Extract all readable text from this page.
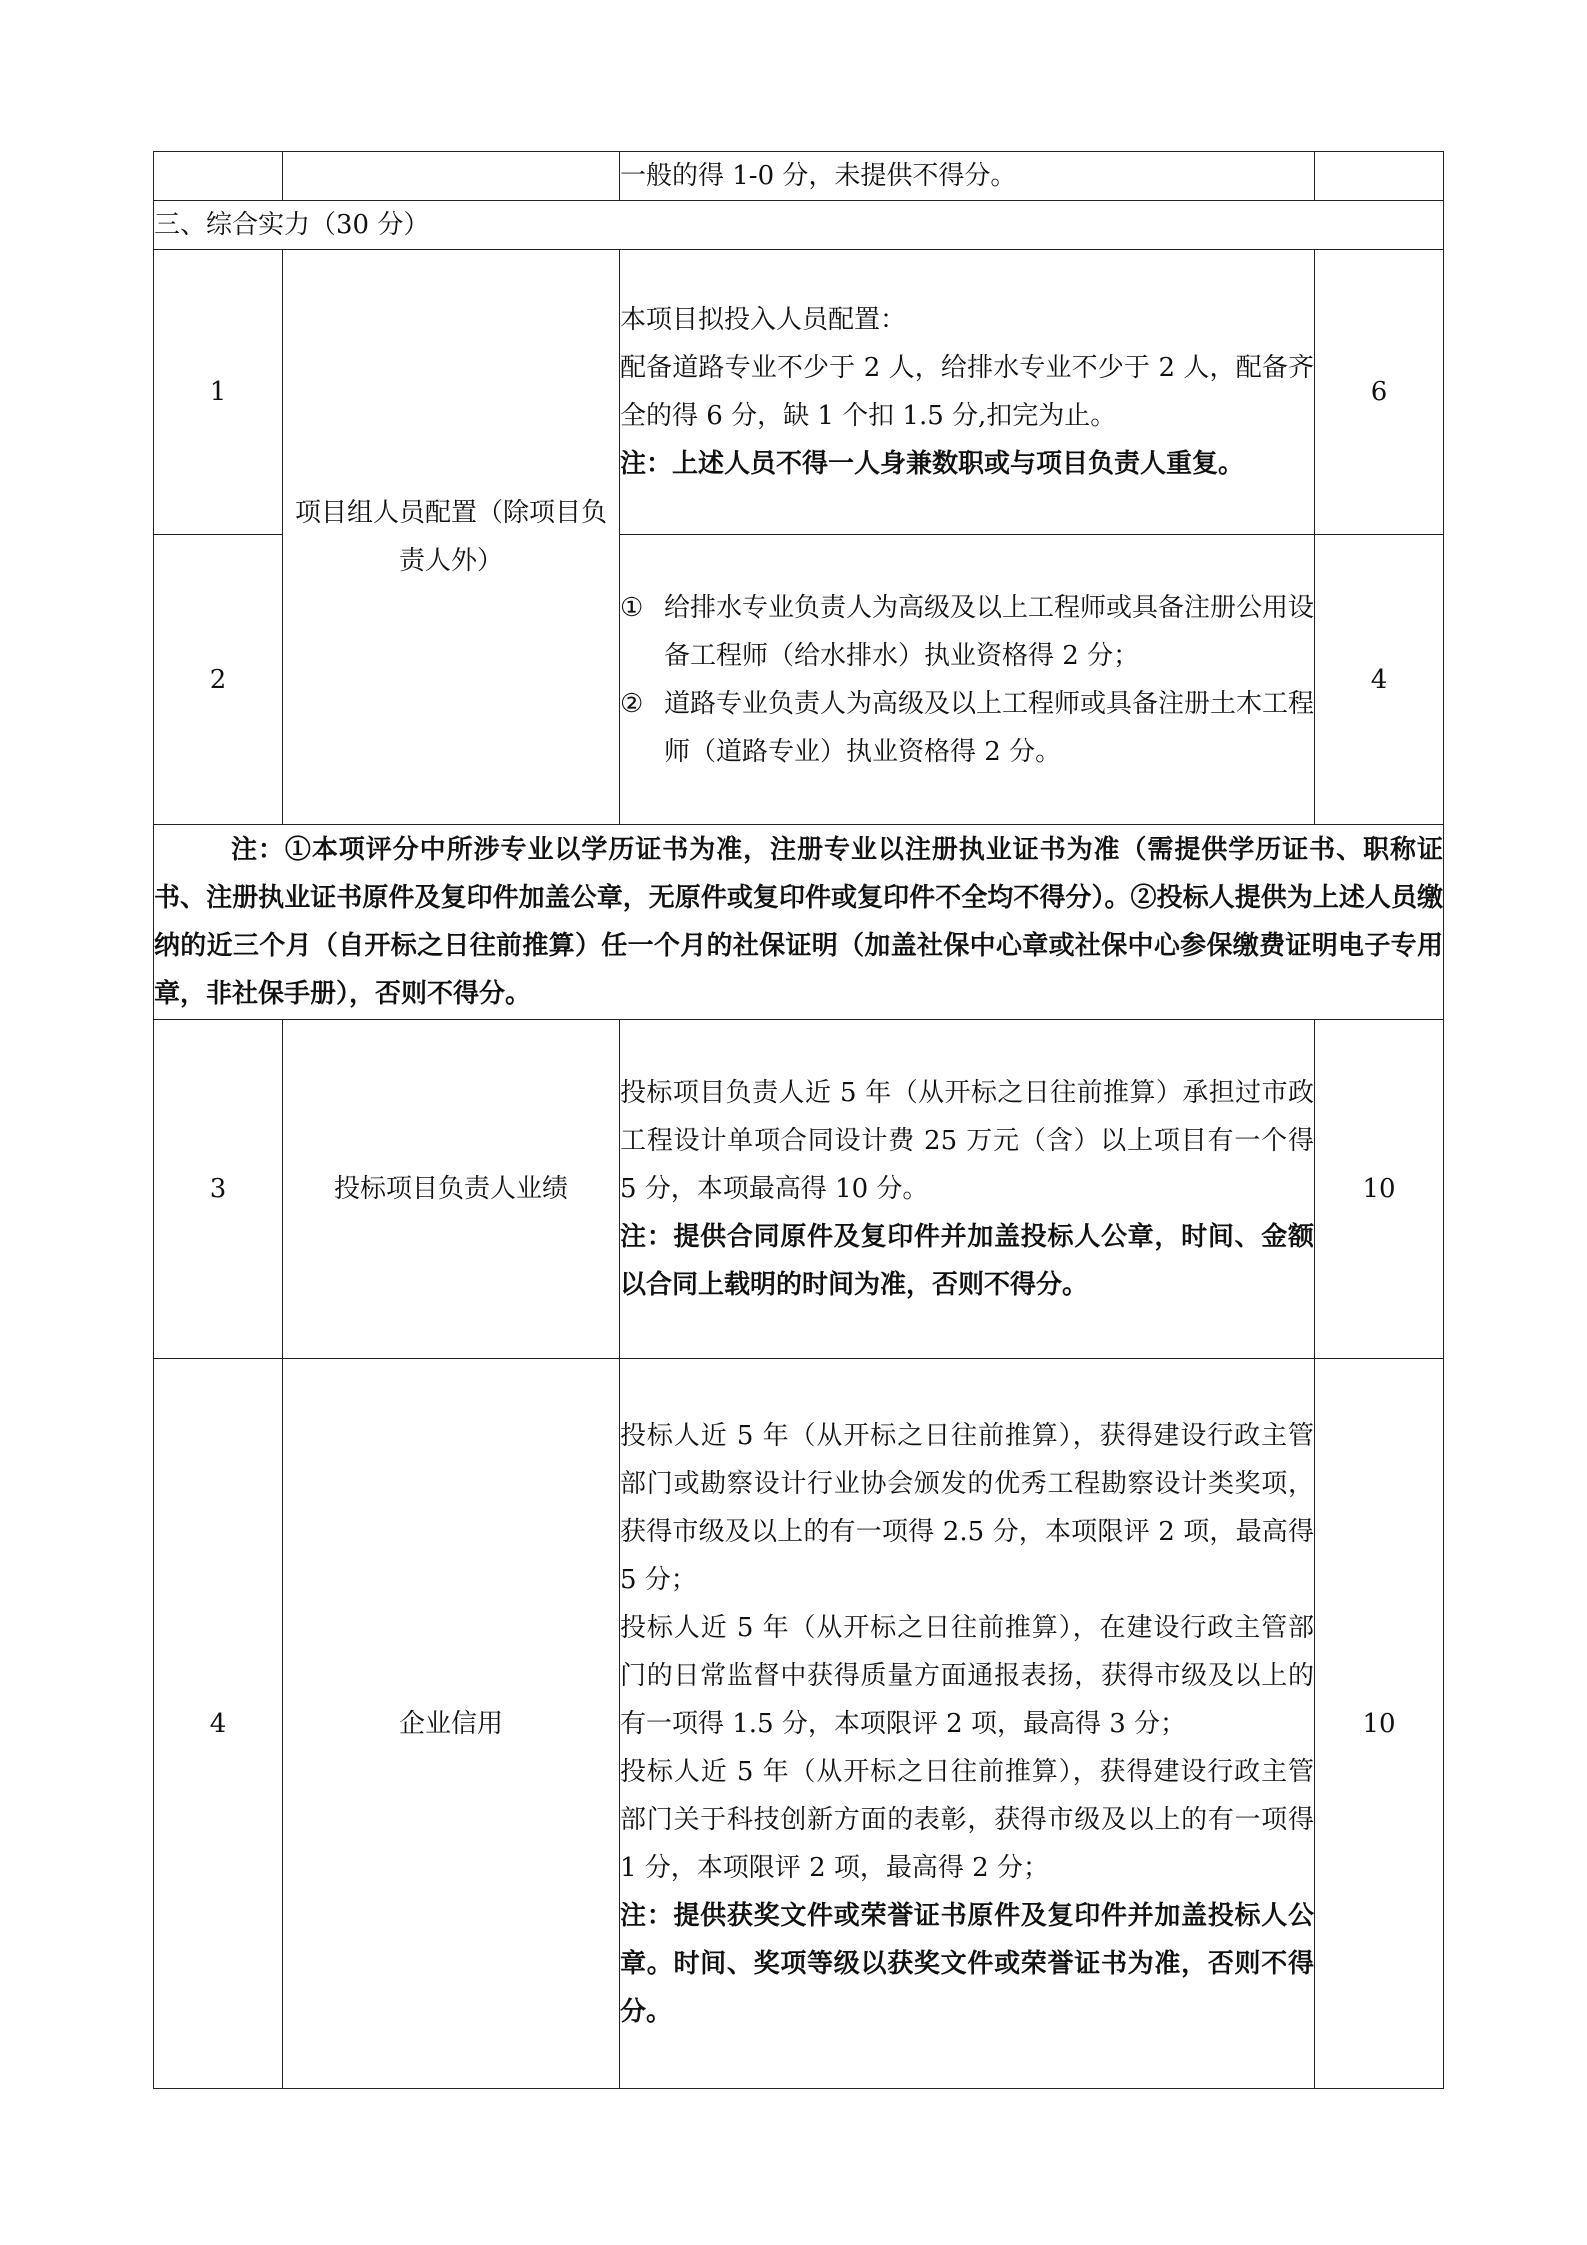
		一般的得 1-0 分，未提供不得分。	
三、综合实力（30 分）			
1	项目组人员配置（除项目负责人外）	本项目拟投入人员配置：
配备道路专业不少于 2 人，给排水专业不少于 2 人，配备齐全的得 6 分，缺 1 个扣 1.5 分,扣完为止。
注：上述人员不得一人身兼数职或与项目负责人重复。	6
2		① 给排水专业负责人为高级及以上工程师或具备注册公用设备工程师（给水排水）执业资格得 2 分；
② 道路专业负责人为高级及以上工程师或具备注册土木工程师（道路专业）执业资格得 2 分。	4
注：①本项评分中所涉专业以学历证书为准，注册专业以注册执业证书为准（需提供学历证书、职称证书、注册执业证书原件及复印件加盖公章，无原件或复印件或复印件不全均不得分）。②投标人提供为上述人员缴纳的近三个月（自开标之日往前推算）任一个月的社保证明（加盖社保中心章或社保中心参保缴费证明电子专用章，非社保手册），否则不得分。			
3	投标项目负责人业绩	投标项目负责人近 5 年（从开标之日往前推算）承担过市政工程设计单项合同设计费 25 万元（含）以上项目有一个得 5 分，本项最高得 10 分。
注：提供合同原件及复印件并加盖投标人公章，时间、金额以合同上载明的时间为准，否则不得分。	10
4	企业信用	投标人近 5 年（从开标之日往前推算），获得建设行政主管部门或勘察设计行业协会颁发的优秀工程勘察设计类奖项，获得市级及以上的有一项得 2.5 分，本项限评 2 项，最高得 5 分；
投标人近 5 年（从开标之日往前推算），在建设行政主管部门的日常监督中获得质量方面通报表扬，获得市级及以上的有一项得 1.5 分，本项限评 2 项，最高得 3 分；
投标人近 5 年（从开标之日往前推算），获得建设行政主管部门关于科技创新方面的表彰，获得市级及以上的有一项得 1 分，本项限评 2 项，最高得 2 分；
注：提供获奖文件或荣誉证书原件及复印件并加盖投标人公章。时间、奖项等级以获奖文件或荣誉证书为准，否则不得分。	10
